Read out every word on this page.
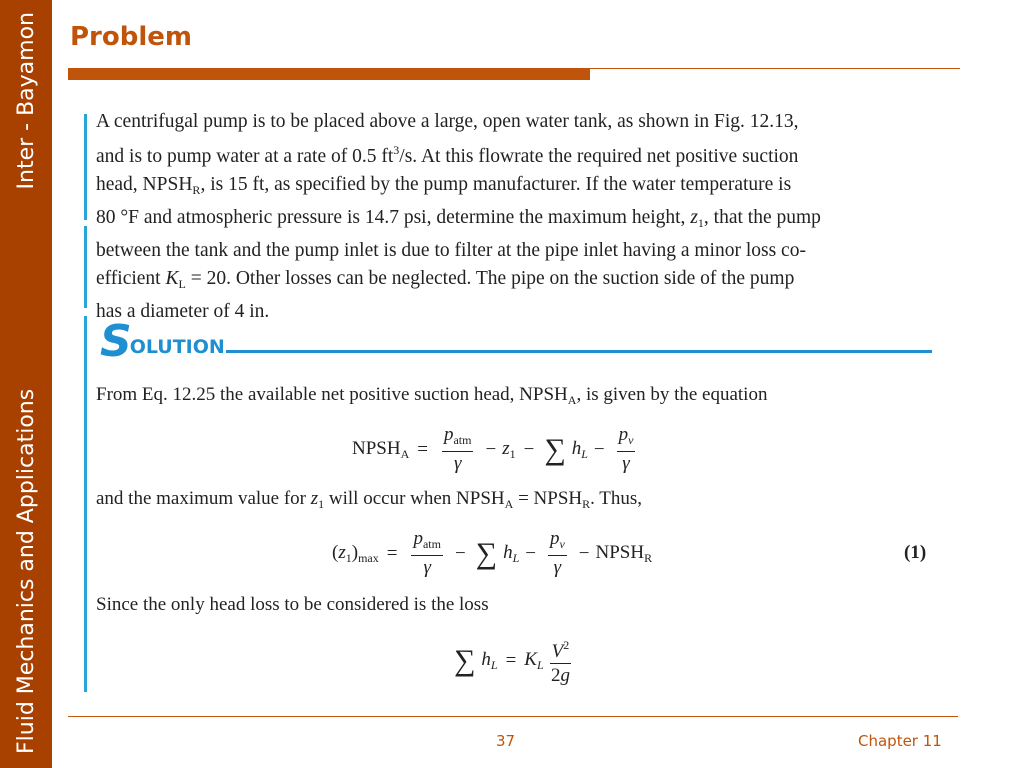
Fluid Mechanics and Applications
Inter - Bayamon Problem

A centrifugal pump is to be placed above a large, open water tank, as shown in Fig. 12.13,
and is to pump water at a rate of 0.5 $ft^3/s$. At this flowrate the required net positive suction
head, $NPSH_R$, is 15 ft, as specified by the pump manufacturer. If the water temperature is
80 °F and atmospheric pressure is 14.7 psi, determine the maximum height, $z_1$, that the pump
between the tank and the pump inlet is due to filter at the pipe inlet having a minor loss co-
efficient $K_L = 20$. Other losses can be neglected. The pipe on the suction side of the pump
has a diameter of 4 in.

S
OLUTION

From Eq. 12.25 the available net positive suction head, $NPSH_A$, is given by the equation

$NPSH_A = \frac{p_{atm}}{\gamma} - z_1$ − ∑ $h_L - \frac{p_v}{\gamma}$

and the maximum value for $z_1$ will occur when $NPSH_A$ = $NPSH_R$. Thus,

$(z_1)_{max} = \frac{p_{atm}}{\gamma}$ − ∑ $h_L - \frac{p_v}{\gamma}$ − $NPSH_R$	(1)

Since the only head loss to be considered is the loss

∑ $h_L = K_L \frac{V^2}{2g}$
37	Chapter 11
